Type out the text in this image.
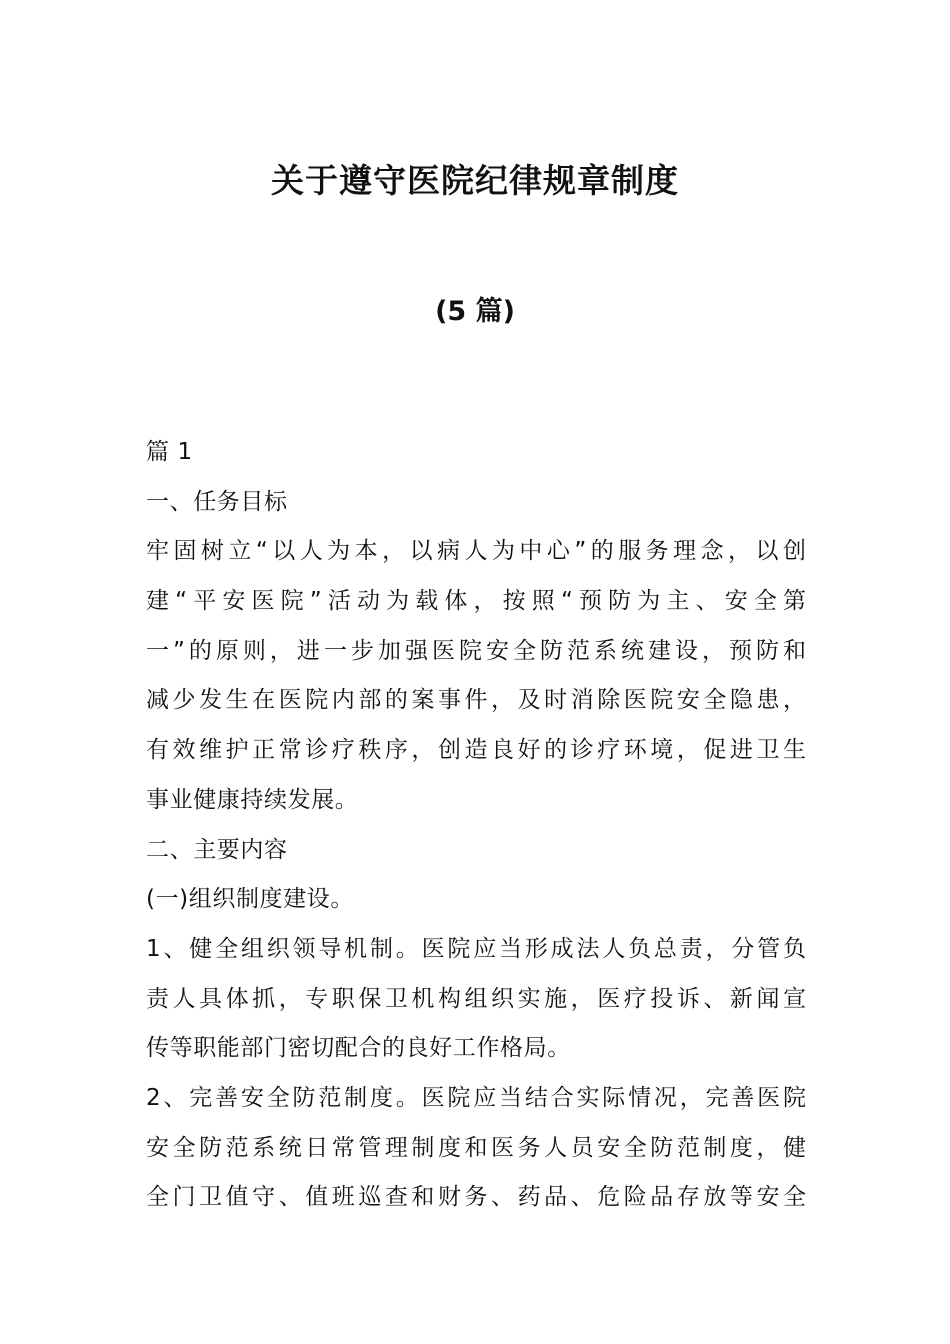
关于遵守医院纪律规章制度
(5 篇)
篇 1
一、任务目标
牢固树立“以人为本，以病人为中心”的服务理念，以创
建“平安医院”活动为载体，按照“预防为主、安全第
一”的原则，进一步加强医院安全防范系统建设，预防和
减少发生在医院内部的案事件，及时消除医院安全隐患，
有效维护正常诊疗秩序，创造良好的诊疗环境，促进卫生
事业健康持续发展。
二、主要内容
(一)组织制度建设。
1、健全组织领导机制。医院应当形成法人负总责，分管负
责人具体抓，专职保卫机构组织实施，医疗投诉、新闻宣
传等职能部门密切配合的良好工作格局。
2、完善安全防范制度。医院应当结合实际情况，完善医院
安全防范系统日常管理制度和医务人员安全防范制度，健
全门卫值守、值班巡查和财务、药品、危险品存放等安全
